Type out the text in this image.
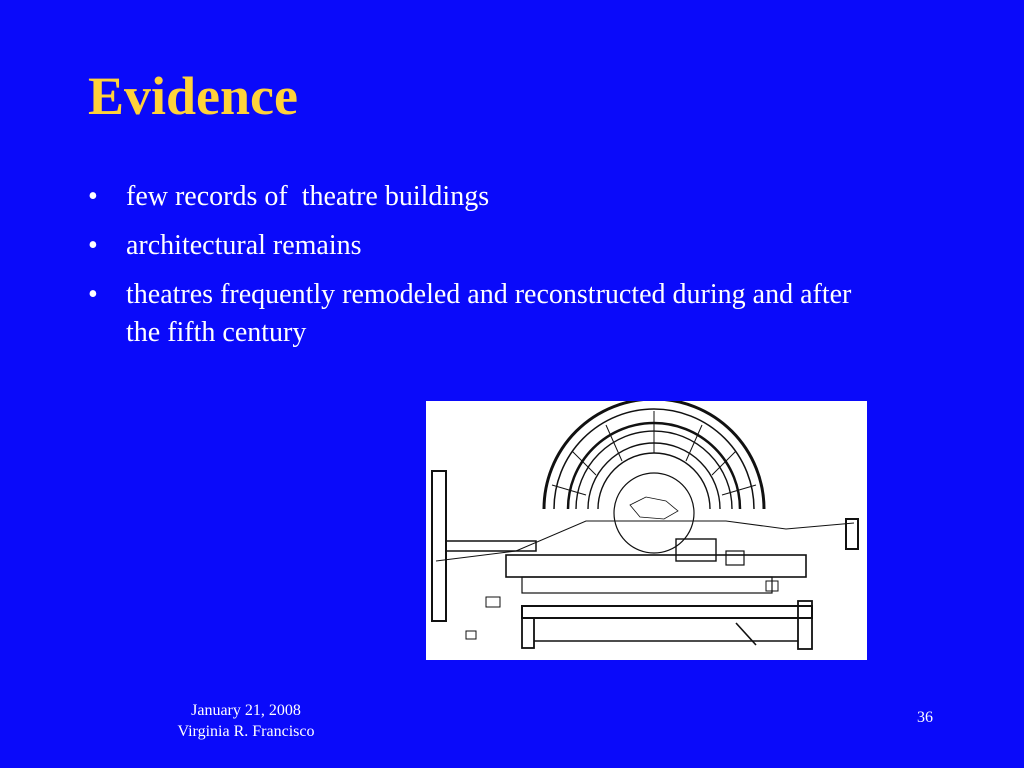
Evidence
• few records of  theatre buildings
• architectural remains
• theatres frequently remodeled and reconstructed during and after the fifth century
January 21, 2008
Virginia R. Francisco
36
